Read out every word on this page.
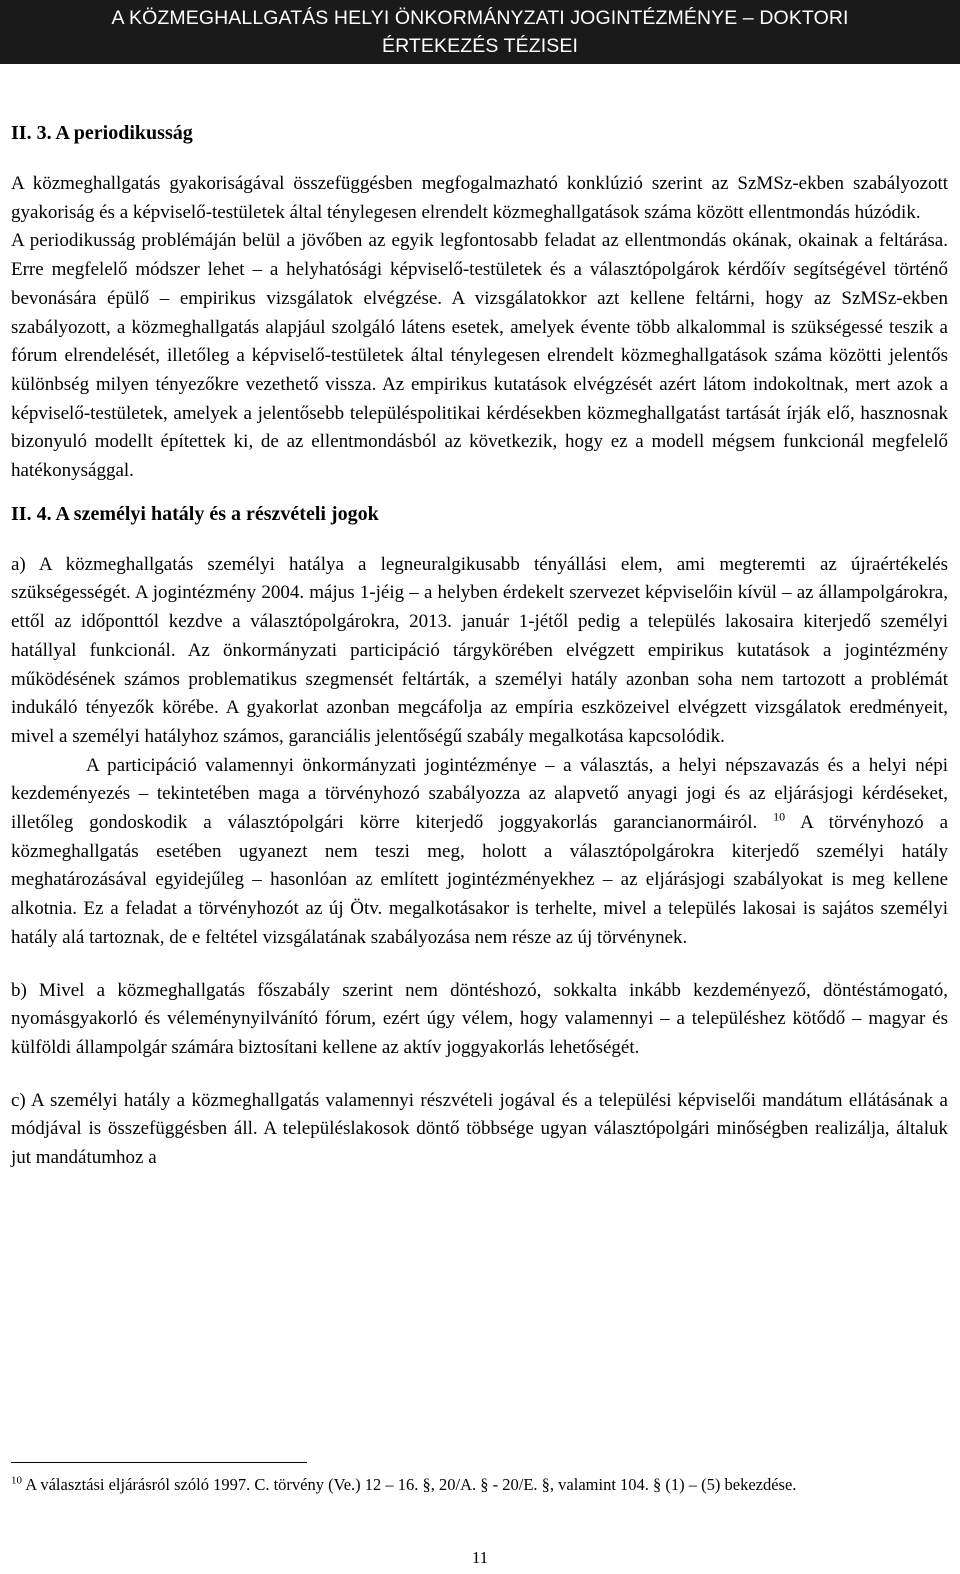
A KÖZMEGHALLGATÁS HELYI ÖNKORMÁNYZATI JOGINTÉZMÉNYE – DOKTORI
ÉRTEKEZÉS TÉZISEI
II. 3. A periodikusság

A közmeghallgatás gyakoriságával összefüggésben megfogalmazható konklúzió szerint az SzMSz-ekben szabályozott gyakoriság és a képviselő-testületek által ténylegesen elrendelt közmeghallgatások száma között ellentmondás húzódik.

A periodikusság problémáján belül a jövőben az egyik legfontosabb feladat az ellentmondás okának, okainak a feltárása. Erre megfelelő módszer lehet – a helyhatósági képviselő-testületek és a választópolgárok kérdőív segítségével történő bevonására épülő – empirikus vizsgálatok elvégzése. A vizsgálatokkor azt kellene feltárni, hogy az SzMSz-ekben szabályozott, a közmeghallgatás alapjául szolgáló látens esetek, amelyek évente több alkalommal is szükségessé teszik a fórum elrendelését, illetőleg a képviselő-testületek által ténylegesen elrendelt közmeghallgatások száma közötti jelentős különbség milyen tényezőkre vezethető vissza. Az empirikus kutatások elvégzését azért látom indokoltnak, mert azok a képviselő-testületek, amelyek a jelentősebb településpolitikai kérdésekben közmeghallgatást tartását írják elő, hasznosnak bizonyuló modellt építettek ki, de az ellentmondásból az következik, hogy ez a modell mégsem funkcionál megfelelő hatékonysággal.

II. 4. A személyi hatály és a részvételi jogok

a) A közmeghallgatás személyi hatálya a legneuralgikusabb tényállási elem, ami megteremti az újraértékelés szükségességét. A jogintézmény 2004. május 1-jéig – a helyben érdekelt szervezet képviselőin kívül – az állampolgárokra, ettől az időponttól kezdve a választópolgárokra, 2013. január 1-jétől pedig a település lakosaira kiterjedő személyi hatállyal funkcionál. Az önkormányzati participáció tárgykörében elvégzett empirikus kutatások a jogintézmény működésének számos problematikus szegmensét feltárták, a személyi hatály azonban soha nem tartozott a problémát indukáló tényezők körébe. A gyakorlat azonban megcáfolja az empíria eszközeivel elvégzett vizsgálatok eredményeit, mivel a személyi hatályhoz számos, garanciális jelentőségű szabály megalkotása kapcsolódik.

A participáció valamennyi önkormányzati jogintézménye – a választás, a helyi népszavazás és a helyi népi kezdeményezés – tekintetében maga a törvényhozó szabályozza az alapvető anyagi jogi és az eljárásjogi kérdéseket, illetőleg gondoskodik a választópolgári körre kiterjedő joggyakorlás garancianormáiról. $^{10}$ A törvényhozó a közmeghallgatás esetében ugyanezt nem teszi meg, holott a választópolgárokra kiterjedő személyi hatály meghatározásával egyidejűleg – hasonlóan az említett jogintézményekhez – az eljárásjogi szabályokat is meg kellene alkotnia. Ez a feladat a törvényhozót az új Ötv. megalkotásakor is terhelte, mivel a település lakosai is sajátos személyi hatály alá tartoznak, de e feltétel vizsgálatának szabályozása nem része az új törvénynek.

b) Mivel a közmeghallgatás főszabály szerint nem döntéshozó, sokkalta inkább kezdeményező, döntéstámogató, nyomásgyakorló és véleménynyilvánító fórum, ezért úgy vélem, hogy valamennyi – a településhez kötődő – magyar és külföldi állampolgár számára biztosítani kellene az aktív joggyakorlás lehetőségét.

c) A személyi hatály a közmeghallgatás valamennyi részvételi jogával és a települési képviselői mandátum ellátásának a módjával is összefüggésben áll. A településlakosok döntő többsége ugyan választópolgári minőségben realizálja, általuk jut mandátumhoz a

$^{10}$ A választási eljárásról szóló 1997. C. törvény (Ve.) 12 – 16. §, 20/A. § - 20/E. §, valamint 104. § (1) – (5) bekezdése.
11
